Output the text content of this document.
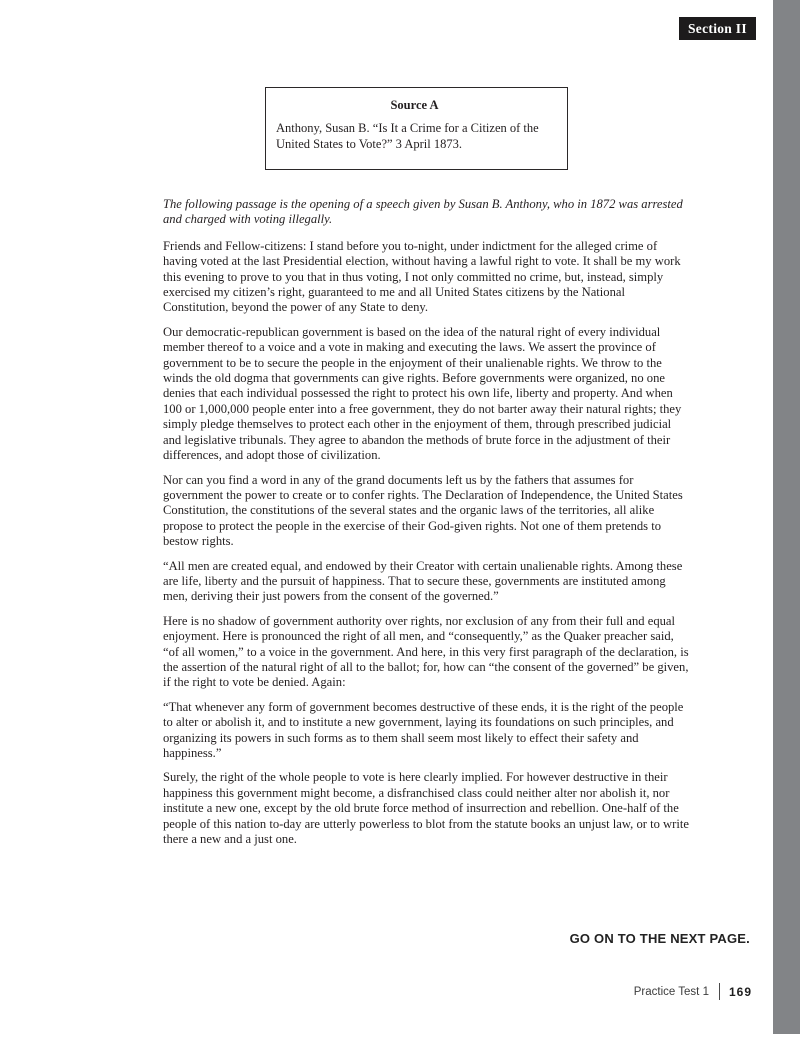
Section II
Source A
Anthony, Susan B. “Is It a Crime for a Citizen of the United States to Vote?” 3 April 1873.

The following passage is the opening of a speech given by Susan B. Anthony, who in 1872 was arrested and charged with voting illegally.

Friends and Fellow-citizens: I stand before you to-night, under indictment for the alleged crime of having voted at the last Presidential election, without having a lawful right to vote. It shall be my work this evening to prove to you that in thus voting, I not only committed no crime, but, instead, simply exercised my citizen’s right, guaranteed to me and all United States citizens by the National Constitution, beyond the power of any State to deny.

Our democratic-republican government is based on the idea of the natural right of every individual member thereof to a voice and a vote in making and executing the laws. We assert the province of government to be to secure the people in the enjoyment of their unalienable rights. We throw to the winds the old dogma that governments can give rights. Before governments were organized, no one denies that each individual possessed the right to protect his own life, liberty and property. And when 100 or 1,000,000 people enter into a free government, they do not barter away their natural rights; they simply pledge themselves to protect each other in the enjoyment of them, through prescribed judicial and legislative tribunals. They agree to abandon the methods of brute force in the adjustment of their differences, and adopt those of civilization.

Nor can you find a word in any of the grand documents left us by the fathers that assumes for government the power to create or to confer rights. The Declaration of Independence, the United States Constitution, the constitutions of the several states and the organic laws of the territories, all alike propose to protect the people in the exercise of their God-given rights. Not one of them pretends to bestow rights.

“All men are created equal, and endowed by their Creator with certain unalienable rights. Among these are life, liberty and the pursuit of happiness. That to secure these, governments are instituted among men, deriving their just powers from the consent of the governed.”

Here is no shadow of government authority over rights, nor exclusion of any from their full and equal enjoyment. Here is pronounced the right of all men, and “consequently,” as the Quaker preacher said, “of all women,” to a voice in the government. And here, in this very first paragraph of the declaration, is the assertion of the natural right of all to the ballot; for, how can “the consent of the governed” be given, if the right to vote be denied. Again:

“That whenever any form of government becomes destructive of these ends, it is the right of the people to alter or abolish it, and to institute a new government, laying its foundations on such principles, and organizing its powers in such forms as to them shall seem most likely to effect their safety and happiness.”

Surely, the right of the whole people to vote is here clearly implied. For however destructive in their happiness this government might become, a disfranchised class could neither alter nor abolish it, nor institute a new one, except by the old brute force method of insurrection and rebellion. One-half of the people of this nation to-day are utterly powerless to blot from the statute books an unjust law, or to write there a new and a just one.

GO ON TO THE NEXT PAGE.
Practice Test 1 169
